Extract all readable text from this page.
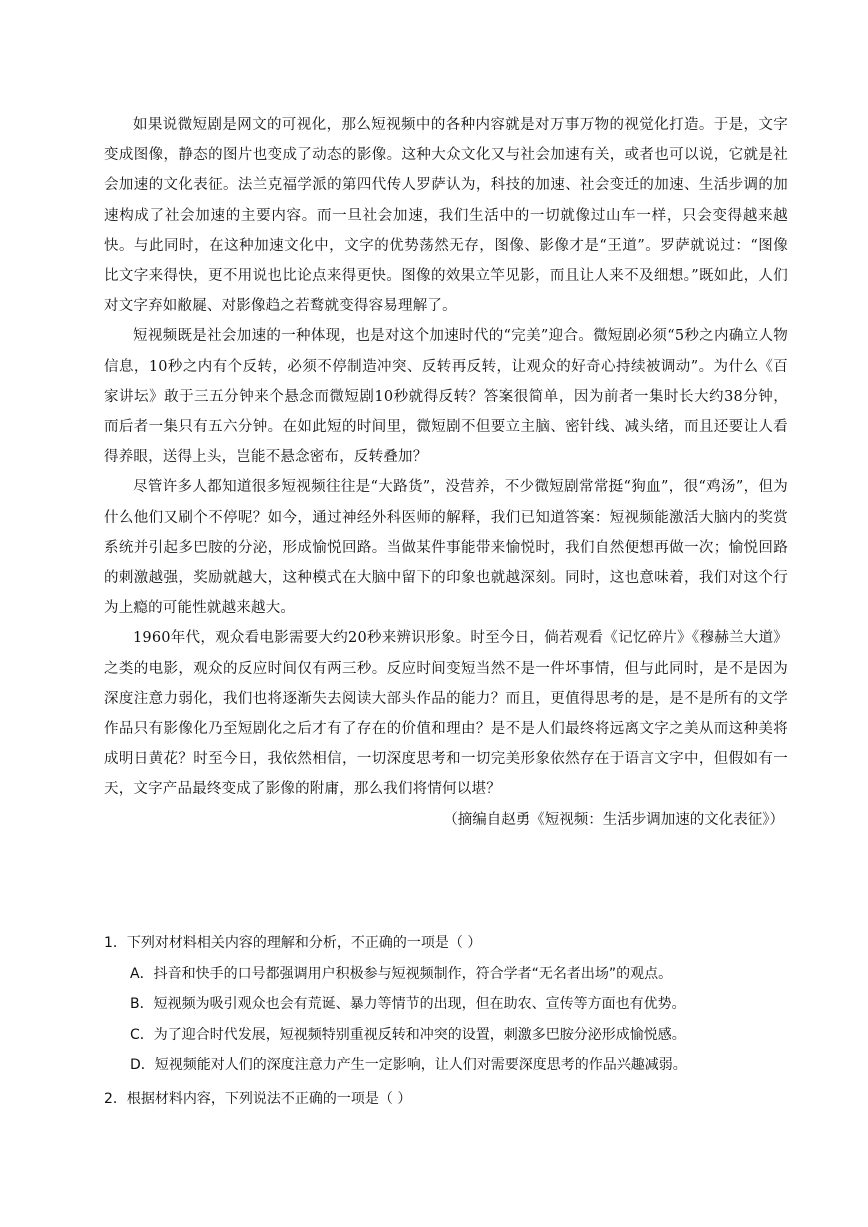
如果说微短剧是网文的可视化，那么短视频中的各种内容就是对万事万物的视觉化打造。于是，文字变成图像，静态的图片也变成了动态的影像。这种大众文化又与社会加速有关，或者也可以说，它就是社会加速的文化表征。法兰克福学派的第四代传人罗萨认为，科技的加速、社会变迁的加速、生活步调的加速构成了社会加速的主要内容。而一旦社会加速，我们生活中的一切就像过山车一样，只会变得越来越快。与此同时，在这种加速文化中，文字的优势荡然无存，图像、影像才是“王道”。罗萨就说过：“图像比文字来得快，更不用说也比论点来得更快。图像的效果立竿见影，而且让人来不及细想。”既如此，人们对文字弃如敝屣、对影像趋之若鹜就变得容易理解了。

短视频既是社会加速的一种体现，也是对这个加速时代的“完美”迎合。微短剧必须“5秒之内确立人物信息，10秒之内有个反转，必须不停制造冲突、反转再反转，让观众的好奇心持续被调动”。为什么《百家讲坛》敢于三五分钟来个悬念而微短剧10秒就得反转？答案很简单，因为前者一集时长大约38分钟，而后者一集只有五六分钟。在如此短的时间里，微短剧不但要立主脑、密针线、减头绪，而且还要让人看得养眼，送得上头，岂能不悬念密布，反转叠加？

尽管许多人都知道很多短视频往往是“大路货”，没营养，不少微短剧常常挺“狗血”，很“鸡汤”，但为什么他们又刷个不停呢？如今，通过神经外科医师的解释，我们已知道答案：短视频能激活大脑内的奖赏系统并引起多巴胺的分泌，形成愉悦回路。当做某件事能带来愉悦时，我们自然便想再做一次；愉悦回路的刺激越强，奖励就越大，这种模式在大脑中留下的印象也就越深刻。同时，这也意味着，我们对这个行为上瘾的可能性就越来越大。

1960年代，观众看电影需要大约20秒来辨识形象。时至今日，倘若观看《记忆碎片》《穆赫兰大道》之类的电影，观众的反应时间仅有两三秒。反应时间变短当然不是一件坏事情，但与此同时，是不是因为深度注意力弱化，我们也将逐渐失去阅读大部头作品的能力？而且，更值得思考的是，是不是所有的文学作品只有影像化乃至短剧化之后才有了存在的价值和理由？是不是人们最终将远离文字之美从而这种美将成明日黄花？时至今日，我依然相信，一切深度思考和一切完美形象依然存在于语言文字中，但假如有一天，文字产品最终变成了影像的附庸，那么我们将情何以堪？

（摘编自赵勇《短视频：生活步调加速的文化表征》）

1．下列对材料相关内容的理解和分析，不正确的一项是（ ）

A．抖音和快手的口号都强调用户积极参与短视频制作，符合学者“无名者出场”的观点。

B．短视频为吸引观众也会有荒诞、暴力等情节的出现，但在助农、宣传等方面也有优势。

C．为了迎合时代发展，短视频特别重视反转和冲突的设置，刺激多巴胺分泌形成愉悦感。

D．短视频能对人们的深度注意力产生一定影响，让人们对需要深度思考的作品兴趣减弱。

2．根据材料内容，下列说法不正确的一项是（ ）
